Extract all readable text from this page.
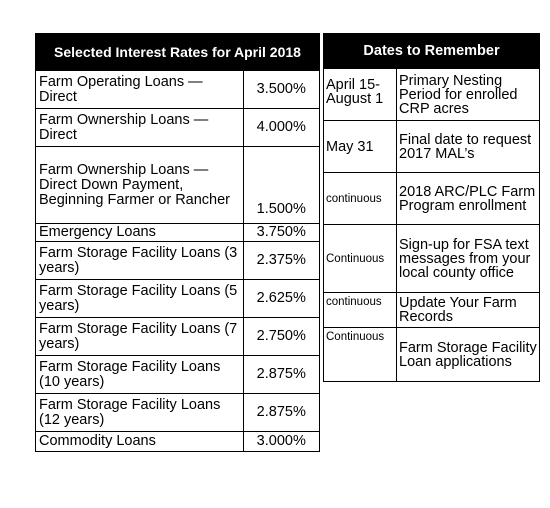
Selected Interest Rates for April 2018	
Farm Operating Loans — Direct	3.500%
Farm Ownership Loans — Direct	4.000%
Farm Ownership Loans — Direct Down Payment, Beginning Farmer or Rancher	1.500%
Emergency Loans	3.750%
Farm Storage Facility Loans (3 years)	2.375%
Farm Storage Facility Loans (5 years)	2.625%
Farm Storage Facility Loans (7 years)	2.750%
Farm Storage Facility Loans (10 years)	2.875%
Farm Storage Facility Loans (12 years)	2.875%
Commodity Loans	3.000%
Dates to Remember	
April 15- August 1	Primary Nesting Period for enrolled CRP acres
May 31	Final date to request 2017 MAL’s
continuous	2018 ARC/PLC Farm Program enrollment
Continuous	Sign-up for FSA text messages from your local county office
continuous	Update Your Farm Records
Continuous	Farm Storage Facility Loan applications
